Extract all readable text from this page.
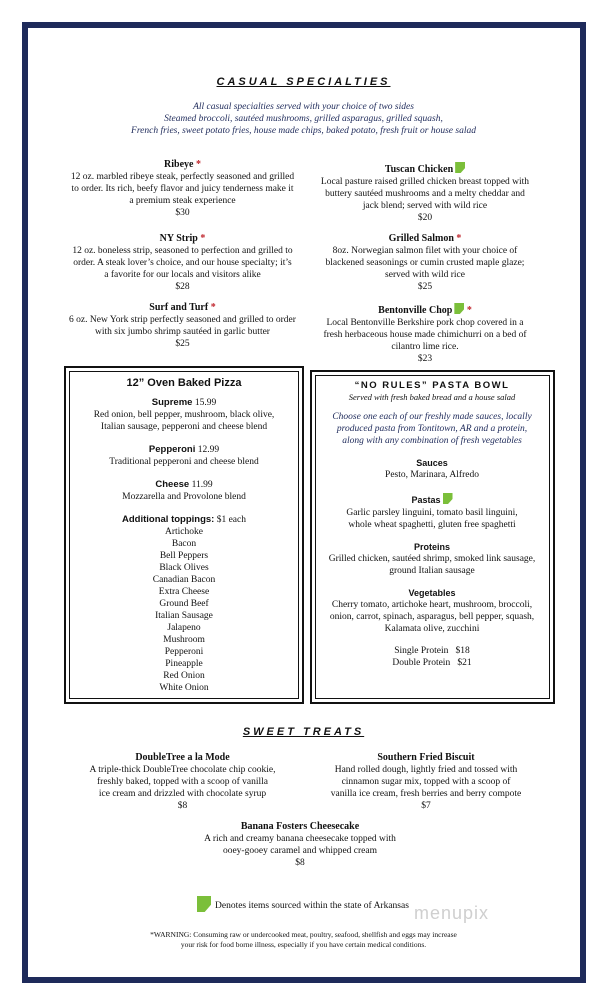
CASUAL SPECIALTIES
All casual specialties served with your choice of two sides
Steamed broccoli, sautéed mushrooms, grilled asparagus, grilled squash,
French fries, sweet potato fries, house made chips, baked potato, fresh fruit or house salad
Ribeye *
12 oz. marbled ribeye steak, perfectly seasoned and grilled
to order. Its rich, beefy flavor and juicy tenderness make it
a premium steak experience
$30
NY Strip *
12 oz. boneless strip, seasoned to perfection and grilled to
order. A steak lover’s choice, and our house specialty; it’s
a favorite for our locals and visitors alike
$28
Surf and Turf *
6 oz. New York strip perfectly seasoned and grilled to order
with six jumbo shrimp sautéed in garlic butter
$25
Tuscan Chicken
Local pasture raised grilled chicken breast topped with
buttery sautéed mushrooms and a melty cheddar and
jack blend; served with wild rice
$20
Grilled Salmon *
8oz. Norwegian salmon filet with your choice of
blackened seasonings or cumin crusted maple glaze;
served with wild rice
$25
Bentonville Chop *
Local Bentonville Berkshire pork chop covered in a
fresh herbaceous house made chimichurri on a bed of
cilantro lime rice.
$23
12” Oven Baked Pizza
Supreme 15.99
Red onion, bell pepper, mushroom, black olive,
Italian sausage, pepperoni and cheese blend
Pepperoni 12.99
Traditional pepperoni and cheese blend
Cheese 11.99
Mozzarella and Provolone blend
Additional toppings: $1 each
Artichoke
Bacon
Bell Peppers
Black Olives
Canadian Bacon
Extra Cheese
Ground Beef
Italian Sausage
Jalapeno
Mushroom
Pepperoni
Pineapple
Red Onion
White Onion
“NO RULES” PASTA BOWL
Served with fresh baked bread and a house salad
Choose one each of our freshly made sauces, locally
produced pasta from Tontitown, AR and a protein,
along with any combination of fresh vegetables
Sauces
Pesto, Marinara, Alfredo
Pastas
Garlic parsley linguini, tomato basil linguini,
whole wheat spaghetti, gluten free spaghetti
Proteins
Grilled chicken, sautéed shrimp, smoked link sausage,
ground Italian sausage
Vegetables
Cherry tomato, artichoke heart, mushroom, broccoli,
onion, carrot, spinach, asparagus, bell pepper, squash,
Kalamata olive, zucchini
Single Protein $18
Double Protein $21
SWEET TREATS
DoubleTree a la Mode
A triple-thick DoubleTree chocolate chip cookie,
freshly baked, topped with a scoop of vanilla
ice cream and drizzled with chocolate syrup
$8
Southern Fried Biscuit
Hand rolled dough, lightly fried and tossed with
cinnamon sugar mix, topped with a scoop of
vanilla ice cream, fresh berries and berry compote
$7
Banana Fosters Cheesecake
A rich and creamy banana cheesecake topped with
ooey-gooey caramel and whipped cream
$8
Denotes items sourced within the state of Arkansas menupix
*WARNING: Consuming raw or undercooked meat, poultry, seafood, shellfish and eggs may increase
your risk for food borne illness, especially if you have certain medical conditions.
